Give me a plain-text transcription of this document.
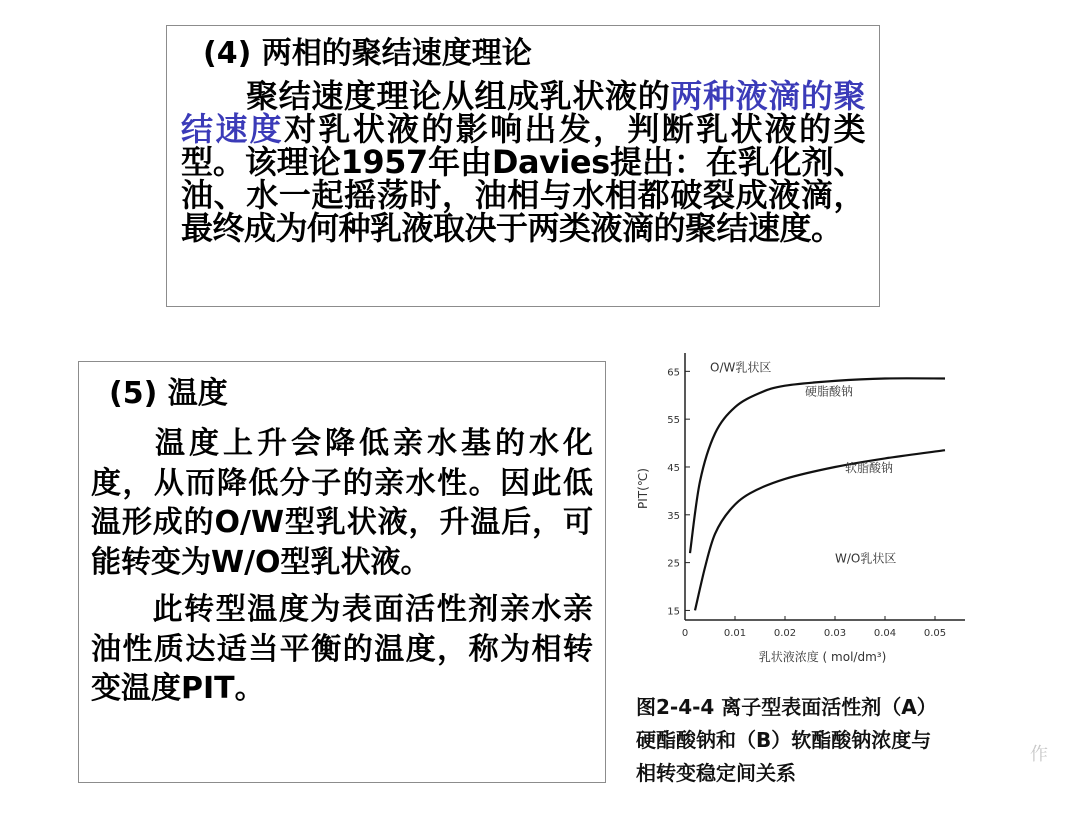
(4) 两相的聚结速度理论

聚结速度理论从组成乳状液的两种液滴的聚结速度对乳状液的影响出发，判断乳状液的类型。该理论1957年由Davies提出：在乳化剂、油、水一起摇荡时，油相与水相都破裂成液滴，最终成为何种乳液取决于两类液滴的聚结速度。

(5) 温度

温度上升会降低亲水基的水化度，从而降低分子的亲水性。因此低温形成的O/W型乳状液，升温后，可能转变为W/O型乳状液。

此转型温度为表面活性剂亲水亲油性质达适当平衡的温度，称为相转变温度PIT。

15
25
35
45
55
65
0	0.01	0.02	0.03	0.04	0.05
乳状液浓度 ( mol/dm³)
PIT(℃)
硬脂酸钠
软脂酸钠
O/W乳状区
W/O乳状区
图2-4-4 离子型表面活性剂（A）
硬酯酸钠和（B）软酯酸钠浓度与
相转变稳定间关系
作
